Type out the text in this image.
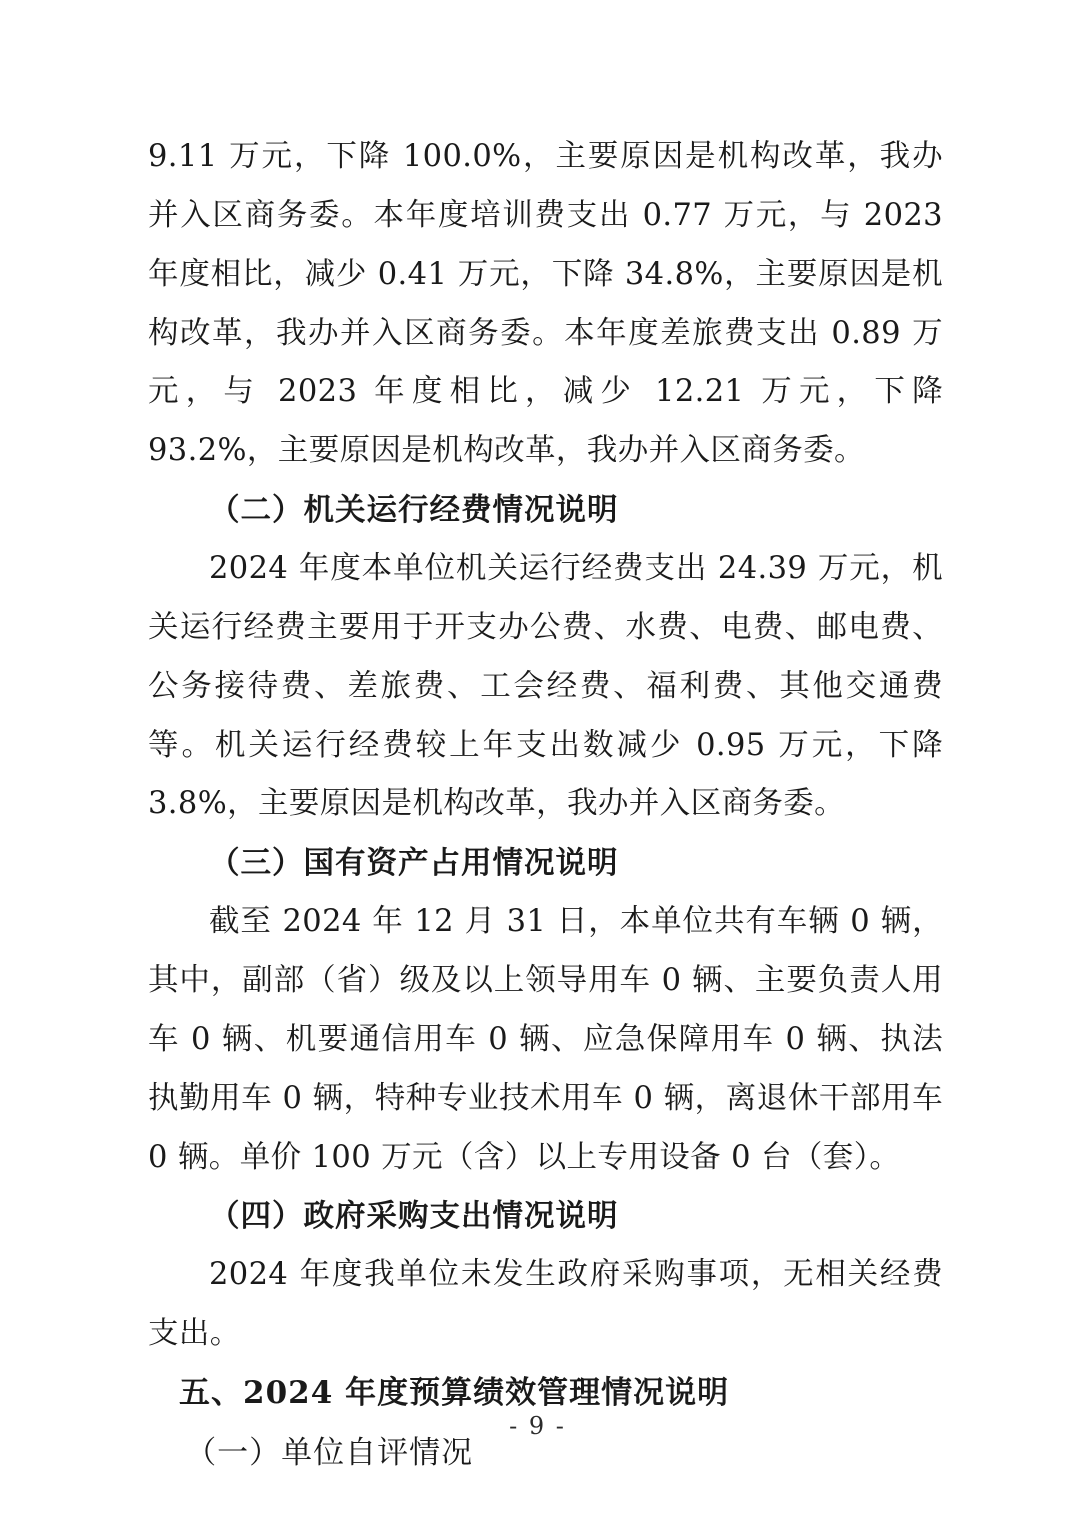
9.11 万元，下降 100.0%，主要原因是机构改革，我办并入区商务委。本年度培训费支出 0.77 万元，与 2023 年度相比，减少 0.41 万元，下降 34.8%，主要原因是机构改革，我办并入区商务委。本年度差旅费支出 0.89 万元，与 2023 年度相比，减少 12.21 万元，下降 93.2%，主要原因是机构改革，我办并入区商务委。

（二）机关运行经费情况说明

2024 年度本单位机关运行经费支出 24.39 万元，机关运行经费主要用于开支办公费、水费、电费、邮电费、公务接待费、差旅费、工会经费、福利费、其他交通费等。机关运行经费较上年支出数减少 0.95 万元，下降 3.8%，主要原因是机构改革，我办并入区商务委。

（三）国有资产占用情况说明

截至 2024 年 12 月 31 日，本单位共有车辆 0 辆，其中，副部（省）级及以上领导用车 0 辆、主要负责人用车 0 辆、机要通信用车 0 辆、应急保障用车 0 辆、执法执勤用车 0 辆，特种专业技术用车 0 辆，离退休干部用车 0 辆。单价 100 万元（含）以上专用设备 0 台（套）。

（四）政府采购支出情况说明

2024 年度我单位未发生政府采购事项，无相关经费支出。

五、2024 年度预算绩效管理情况说明

（一）单位自评情况

- 9 -
